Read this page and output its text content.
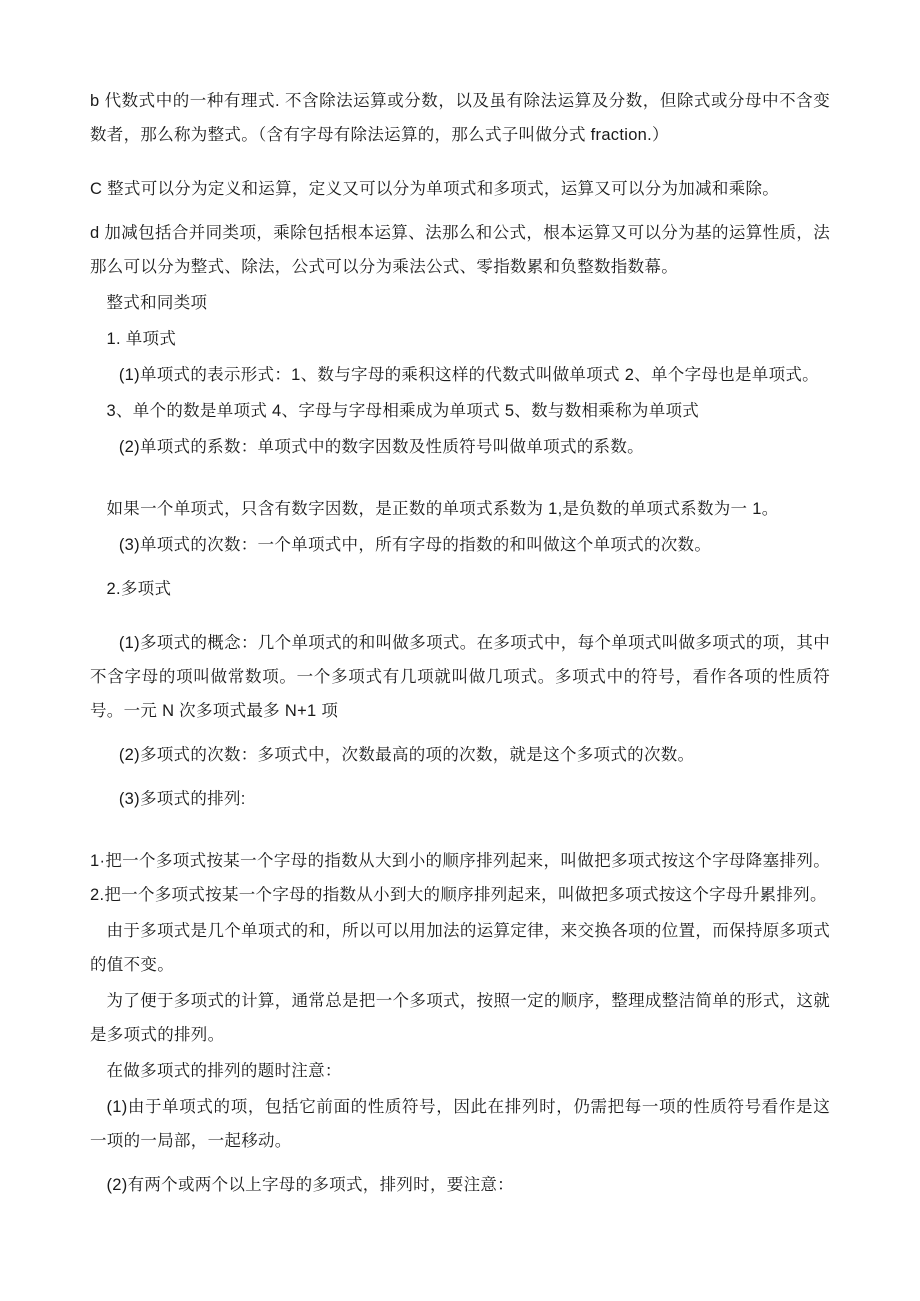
b 代数式中的一种有理式. 不含除法运算或分数，以及虽有除法运算及分数，但除式或分母中不含变数者，那么称为整式。（含有字母有除法运算的，那么式子叫做分式 fraction.）

C 整式可以分为定义和运算，定义又可以分为单项式和多项式，运算又可以分为加减和乘除。

d 加减包括合并同类项，乘除包括根本运算、法那么和公式，根本运算又可以分为基的运算性质，法那么可以分为整式、除法，公式可以分为乘法公式、零指数累和负整数指数幕。

整式和同类项

1. 单项式

(1)单项式的表示形式：1、数与字母的乘积这样的代数式叫做单项式 2、单个字母也是单项式。

3、单个的数是单项式 4、字母与字母相乘成为单项式 5、数与数相乘称为单项式

(2)单项式的系数：单项式中的数字因数及性质符号叫做单项式的系数。

如果一个单项式，只含有数字因数，是正数的单项式系数为 1,是负数的单项式系数为一 1。

(3)单项式的次数：一个单项式中，所有字母的指数的和叫做这个单项式的次数。

2.多项式

(1)多项式的概念：几个单项式的和叫做多项式。在多项式中，每个单项式叫做多项式的项，其中不含字母的项叫做常数项。一个多项式有几项就叫做几项式。多项式中的符号，看作各项的性质符号。一元 N 次多项式最多 N+1 项

(2)多项式的次数：多项式中，次数最高的项的次数，就是这个多项式的次数。

(3)多项式的排列:

1·把一个多项式按某一个字母的指数从大到小的顺序排列起来，叫做把多项式按这个字母降塞排列。2.把一个多项式按某一个字母的指数从小到大的顺序排列起来，叫做把多项式按这个字母升累排列。

由于多项式是几个单项式的和，所以可以用加法的运算定律，来交换各项的位置，而保持原多项式的值不变。

为了便于多项式的计算，通常总是把一个多项式，按照一定的顺序，整理成整洁简单的形式，这就是多项式的排列。

在做多项式的排列的题时注意：

(1)由于单项式的项，包括它前面的性质符号，因此在排列时，仍需把每一项的性质符号看作是这一项的一局部，一起移动。

(2)有两个或两个以上字母的多项式，排列时，要注意：
